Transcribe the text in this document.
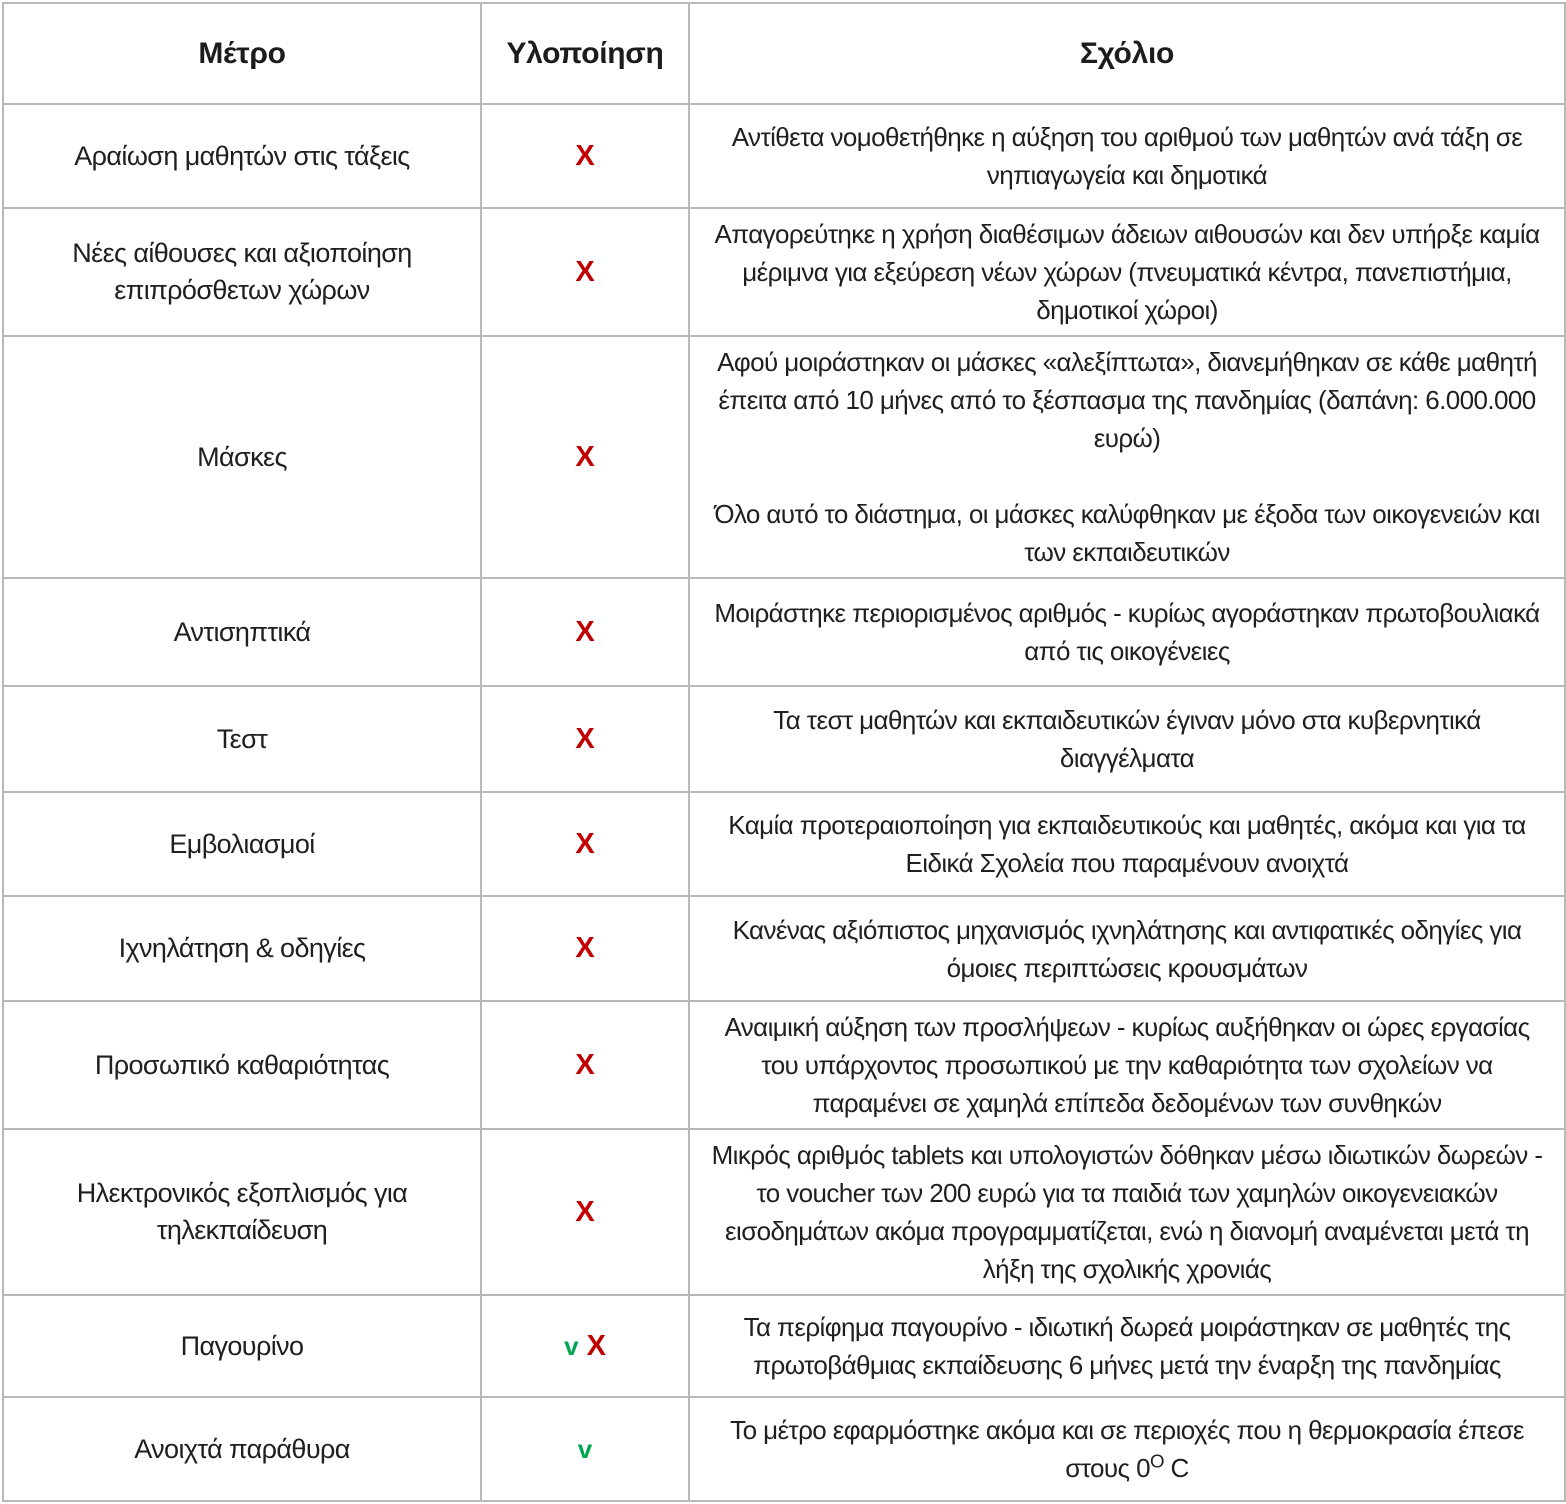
Μέτρο	Υλοποίηση	Σχόλιο
Αραίωση μαθητών στις τάξεις	X	Αντίθετα νομοθετήθηκε η αύξηση του αριθμού των μαθητών ανά τάξη σε νηπιαγωγεία και δημοτικά

Νέες αίθουσες και αξιοποίηση επιπρόσθετων χώρων	X	Απαγορεύτηκε η χρήση διαθέσιμων άδειων αιθουσών και δεν υπήρξε καμία μέριμνα για εξεύρεση νέων χώρων (πνευματικά κέντρα, πανεπιστήμια, δημοτικοί χώροι)

Μάσκες	X	Αφού μοιράστηκαν οι μάσκες «αλεξίπτωτα», διανεμήθηκαν σε κάθε μαθητή έπειτα από 10 μήνες από το ξέσπασμα της πανδημίας (δαπάνη: 6.000.000 ευρώ)

Όλο αυτό το διάστημα, οι μάσκες καλύφθηκαν με έξοδα των οικογενειών και των εκπαιδευτικών

Αντισηπτικά	X	Μοιράστηκε περιορισμένος αριθμός - κυρίως αγοράστηκαν πρωτοβουλιακά από τις οικογένειες

Τεστ	X	Τα τεστ μαθητών και εκπαιδευτικών έγιναν μόνο στα κυβερνητικά διαγγέλματα

Εμβολιασμοί	X	Καμία προτεραιοποίηση για εκπαιδευτικούς και μαθητές, ακόμα και για τα Ειδικά Σχολεία που παραμένουν ανοιχτά

Ιχνηλάτηση & οδηγίες	X	Κανένας αξιόπιστος μηχανισμός ιχνηλάτησης και αντιφατικές οδηγίες για όμοιες περιπτώσεις κρουσμάτων

Προσωπικό καθαριότητας	X	Αναιμική αύξηση των προσλήψεων - κυρίως αυξήθηκαν οι ώρες εργασίας του υπάρχοντος προσωπικού με την καθαριότητα των σχολείων να παραμένει σε χαμηλά επίπεδα δεδομένων των συνθηκών

Ηλεκτρονικός εξοπλισμός για τηλεκπαίδευση	X	Μικρός αριθμός tablets και υπολογιστών δόθηκαν μέσω ιδιωτικών δωρεών - το voucher των 200 ευρώ για τα παιδιά των χαμηλών οικογενειακών εισοδημάτων ακόμα προγραμματίζεται, ενώ η διανομή αναμένεται μετά τη λήξη της σχολικής χρονιάς

Παγουρίνο	v X	Τα περίφημα παγουρίνο - ιδιωτική δωρεά μοιράστηκαν σε μαθητές της πρωτοβάθμιας εκπαίδευσης 6 μήνες μετά την έναρξη της πανδημίας

Ανοιχτά παράθυρα	v	Το μέτρο εφαρμόστηκε ακόμα και σε περιοχές που η θερμοκρασία έπεσε στους $0^O$ C
